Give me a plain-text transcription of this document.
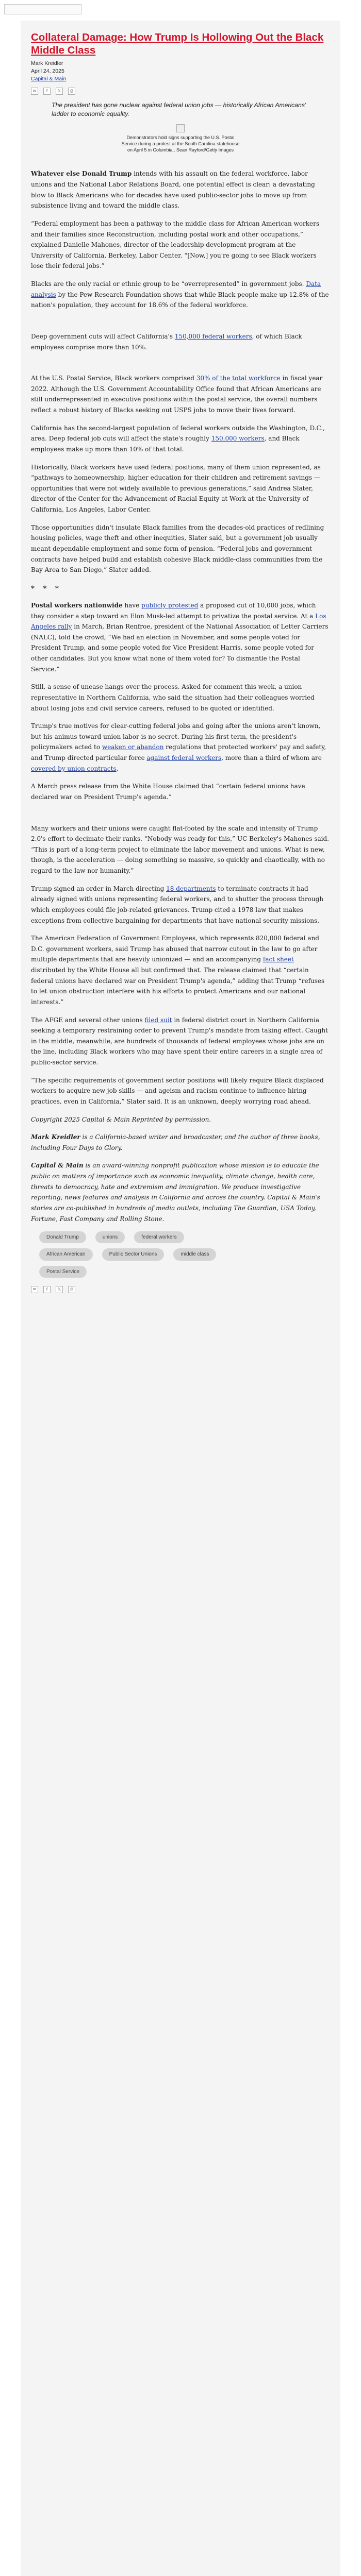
Collateral Damage: How Trump Is Hollowing Out the Black Middle Class
Mark Kreidler
April 24, 2025
Capital & Main
✉	f	𝕏	⎙
The president has gone nuclear against federal union jobs — historically African Americans' ladder to economic equality.
Demonstrators hold signs supporting the U.S. Postal Service during a protest at the South Carolina statehouse on April 5 in Columbia.. Sean Rayford/Getty Images

Whatever else Donald Trump intends with his assault on the federal workforce, labor unions and the National Labor Relations Board, one potential effect is clear: a devastating blow to Black Americans who for decades have used public-sector jobs to move up from subsistence living and toward the middle class.

“Federal employment has been a pathway to the middle class for African American workers and their families since Reconstruction, including postal work and other occupations,” explained Danielle Mahones, director of the leadership development program at the University of California, Berkeley, Labor Center. “[Now,] you're going to see Black workers lose their federal jobs.”

Blacks are the only racial or ethnic group to be “overrepresented” in government jobs. Data analysis by the Pew Research Foundation shows that while Black people make up 12.8% of the nation's population, they account for 18.6% of the federal workforce.

Deep government cuts will affect California's 150,000 federal workers, of which Black employees comprise more than 10%.

At the U.S. Postal Service, Black workers comprised 30% of the total workforce in fiscal year 2022. Although the U.S. Government Accountability Office found that African Americans are still underrepresented in executive positions within the postal service, the overall numbers reflect a robust history of Blacks seeking out USPS jobs to move their lives forward.

California has the second-largest population of federal workers outside the Washington, D.C., area. Deep federal job cuts will affect the state's roughly 150,000 workers, and Black employees make up more than 10% of that total.

Historically, Black workers have used federal positions, many of them union represented, as “pathways to homeownership, higher education for their children and retirement savings — opportunities that were not widely available to previous generations,” said Andrea Slater, director of the Center for the Advancement of Racial Equity at Work at the University of California, Los Angeles, Labor Center.

Those opportunities didn't insulate Black families from the decades-old practices of redlining housing policies, wage theft and other inequities, Slater said, but a government job usually meant dependable employment and some form of pension. “Federal jobs and government contracts have helped build and establish cohesive Black middle-class communities from the Bay Area to San Diego,” Slater added.

* * *

Postal workers nationwide have publicly protested a proposed cut of 10,000 jobs, which they consider a step toward an Elon Musk-led attempt to privatize the postal service. At a Los Angeles rally in March, Brian Renfroe, president of the National Association of Letter Carriers (NALC), told the crowd, “We had an election in November, and some people voted for President Trump, and some people voted for Vice President Harris, some people voted for other candidates. But you know what none of them voted for? To dismantle the Postal Service.”

Still, a sense of unease hangs over the process. Asked for comment this week, a union representative in Northern California, who said the situation had their colleagues worried about losing jobs and civil service careers, refused to be quoted or identified.

Trump's true motives for clear-cutting federal jobs and going after the unions aren't known, but his animus toward union labor is no secret. During his first term, the president's policymakers acted to weaken or abandon regulations that protected workers' pay and safety, and Trump directed particular force against federal workers, more than a third of whom are covered by union contracts.

A March press release from the White House claimed that “certain federal unions have declared war on President Trump's agenda.”

Many workers and their unions were caught flat-footed by the scale and intensity of Trump 2.0's effort to decimate their ranks. “Nobody was ready for this,” UC Berkeley's Mahones said. “This is part of a long-term project to eliminate the labor movement and unions. What is new, though, is the acceleration — doing something so massive, so quickly and chaotically, with no regard to the law nor humanity.”

Trump signed an order in March directing 18 departments to terminate contracts it had already signed with unions representing federal workers, and to shutter the process through which employees could file job-related grievances. Trump cited a 1978 law that makes exceptions from collective bargaining for departments that have national security missions.

The American Federation of Government Employees, which represents 820,000 federal and D.C. government workers, said Trump has abused that narrow cutout in the law to go after multiple departments that are heavily unionized — and an accompanying fact sheet distributed by the White House all but confirmed that. The release claimed that “certain federal unions have declared war on President Trump's agenda,” adding that Trump “refuses to let union obstruction interfere with his efforts to protect Americans and our national interests.”

The AFGE and several other unions filed suit in federal district court in Northern California seeking a temporary restraining order to prevent Trump's mandate from taking effect. Caught in the middle, meanwhile, are hundreds of thousands of federal employees whose jobs are on the line, including Black workers who may have spent their entire careers in a single area of public-sector service.

“The specific requirements of government sector positions will likely require Black displaced workers to acquire new job skills — and ageism and racism continue to influence hiring practices, even in California,” Slater said. It is an unknown, deeply worrying road ahead.

Copyright 2025 Capital & Main Reprinted by permission.

Mark Kreidler is a California-based writer and broadcaster, and the author of three books, including Four Days to Glory.

Capital & Main is an award-winning nonprofit publication whose mission is to educate the public on matters of importance such as economic inequality, climate change, health care, threats to democracy, hate and extremism and immigration. We produce investigative reporting, news features and analysis in California and across the country. Capital & Main's stories are co-published in hundreds of media outlets, including The Guardian, USA Today, Fortune, Fast Company and Rolling Stone.

Donald Trump	unions	federal workers
African American	Public Sector Unions	middle class
Postal Service
✉	f	𝕏	⎙
